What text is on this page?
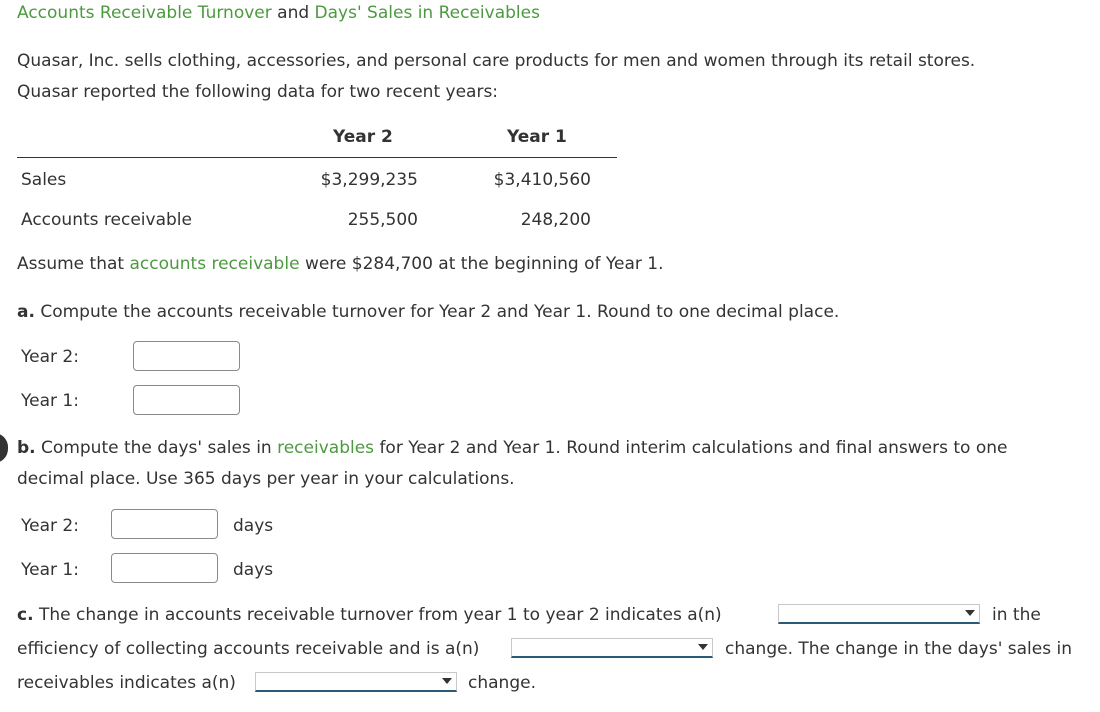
Accounts Receivable Turnover and Days' Sales in Receivables
Quasar, Inc. sells clothing, accessories, and personal care products for men and women through its retail stores.
Quasar reported the following data for two recent years:
Year 2	Year 1
Sales	$3,299,235	$3,410,560
Accounts receivable	255,500	248,200
Assume that accounts receivable were $284,700 at the beginning of Year 1.
a. Compute the accounts receivable turnover for Year 2 and Year 1. Round to one decimal place.
Year 2:
Year 1:
b. Compute the days' sales in receivables for Year 2 and Year 1. Round interim calculations and final answers to one
decimal place. Use 365 days per year in your calculations.
Year 2:	days
Year 1:	days
c. The change in accounts receivable turnover from year 1 to year 2 indicates a(n)	in the
efficiency of collecting accounts receivable and is a(n)	change. The change in the days' sales in
receivables indicates a(n)	change.
